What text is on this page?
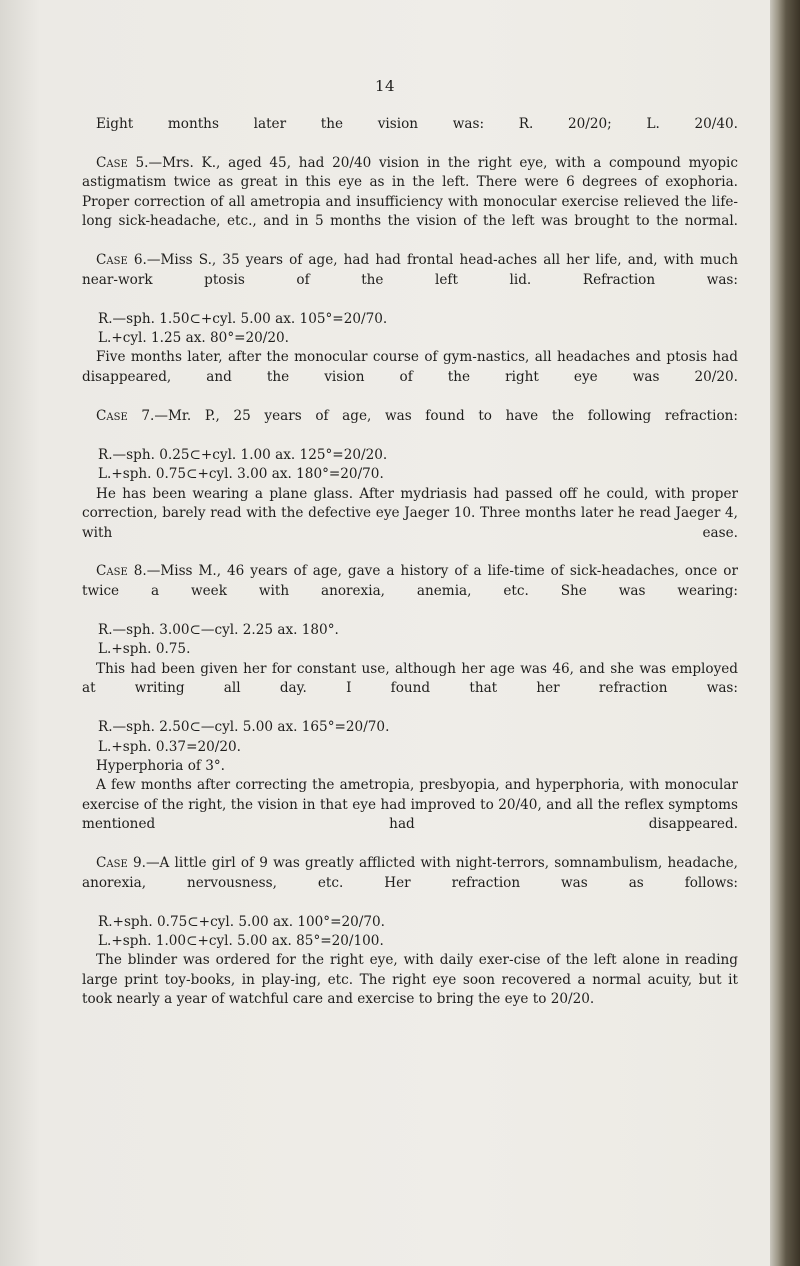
14

Eight months later the vision was: R. 20/20; L. 20/40.

Case 5.—Mrs. K., aged 45, had 20/40 vision in the right eye, with a compound myopic astigmatism twice as great in this eye as in the left. There were 6 degrees of exophoria. Proper correction of all ametropia and insufficiency with monocular exercise relieved the life-long sick-headache, etc., and in 5 months the vision of the left was brought to the normal.

Case 6.—Miss S., 35 years of age, had had frontal head-aches all her life, and, with much near-work ptosis of the left lid. Refraction was:

R.—sph. 1.50⊂+cyl. 5.00 ax. 105°=20/70.

L.+cyl. 1.25 ax. 80°=20/20.

Five months later, after the monocular course of gym-nastics, all headaches and ptosis had disappeared, and the vision of the right eye was 20/20.

Case 7.—Mr. P., 25 years of age, was found to have the following refraction:

R.—sph. 0.25⊂+cyl. 1.00 ax. 125°=20/20.

L.+sph. 0.75⊂+cyl. 3.00 ax. 180°=20/70.

He has been wearing a plane glass. After mydriasis had passed off he could, with proper correction, barely read with the defective eye Jaeger 10. Three months later he read Jaeger 4, with ease.

Case 8.—Miss M., 46 years of age, gave a history of a life-time of sick-headaches, once or twice a week with anorexia, anemia, etc. She was wearing:

R.—sph. 3.00⊂—cyl. 2.25 ax. 180°.

L.+sph. 0.75.

This had been given her for constant use, although her age was 46, and she was employed at writing all day. I found that her refraction was:

R.—sph. 2.50⊂—cyl. 5.00 ax. 165°=20/70.

L.+sph. 0.37=20/20.

Hyperphoria of 3°.

A few months after correcting the ametropia, presbyopia, and hyperphoria, with monocular exercise of the right, the vision in that eye had improved to 20/40, and all the reflex symptoms mentioned had disappeared.

Case 9.—A little girl of 9 was greatly afflicted with night-terrors, somnambulism, headache, anorexia, nervousness, etc. Her refraction was as follows:

R.+sph. 0.75⊂+cyl. 5.00 ax. 100°=20/70.

L.+sph. 1.00⊂+cyl. 5.00 ax. 85°=20/100.

The blinder was ordered for the right eye, with daily exer-cise of the left alone in reading large print toy-books, in play-ing, etc. The right eye soon recovered a normal acuity, but it took nearly a year of watchful care and exercise to bring the eye to 20/20.
